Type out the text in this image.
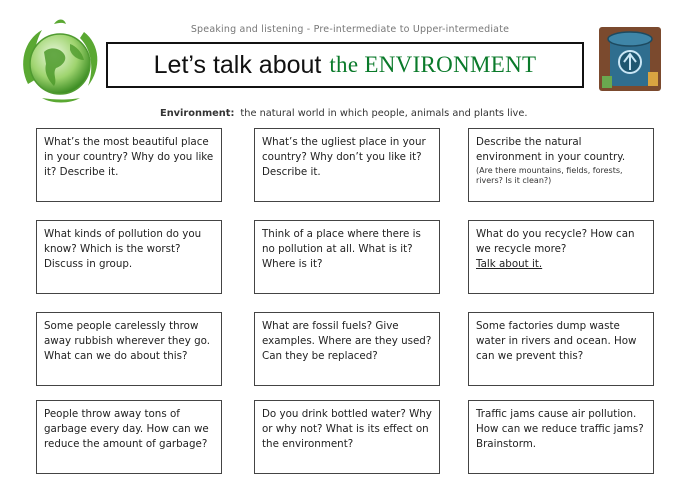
Speaking and listening - Pre-intermediate to Upper-intermediate
Let’s talk about the ENVIRONMENT
Environment: the natural world in which people, animals and plants live.
What’s the most beautiful place in your country? Why do you like it? Describe it.
What’s the ugliest place in your country? Why don’t you like it? Describe it.
Describe the natural environment in your country.
(Are there mountains, fields, forests, rivers? Is it clean?)
What kinds of pollution do you know? Which is the worst? Discuss in group.
Think of a place where there is no pollution at all. What is it? Where is it?
What do you recycle? How can we recycle more?
Talk about it.
Some people carelessly throw away rubbish wherever they go. What can we do about this?
What are fossil fuels? Give examples. Where are they used? Can they be replaced?
Some factories dump waste water in rivers and ocean. How can we prevent this?
People throw away tons of garbage every day. How can we reduce the amount of garbage?
Do you drink bottled water? Why or why not? What is its effect on the environment?
Traffic jams cause air pollution. How can we reduce traffic jams? Brainstorm.
